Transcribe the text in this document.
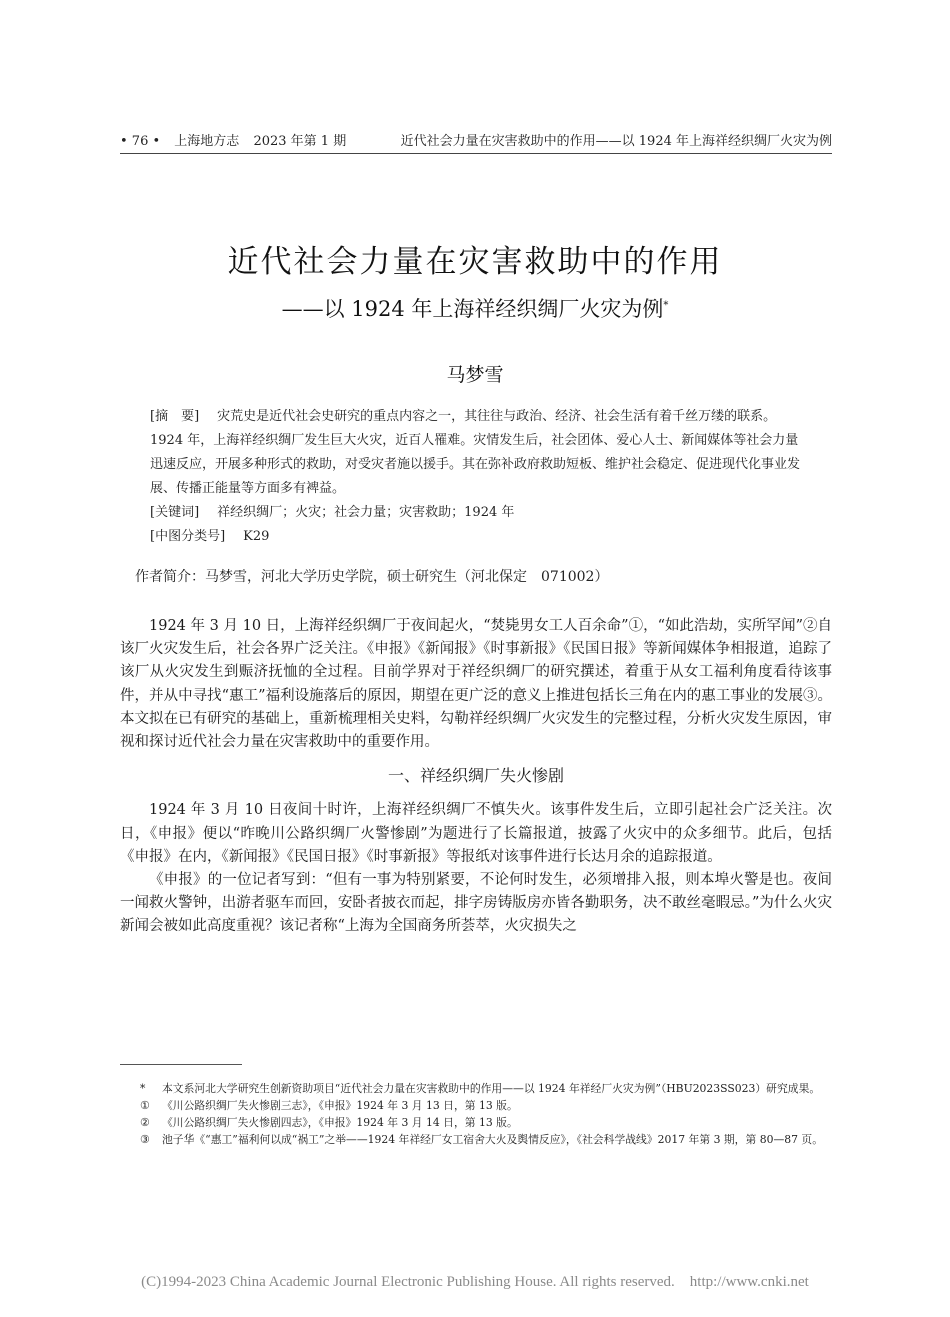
• 76 • 上海地方志 2023 年第 1 期	近代社会力量在灾害救助中的作用——以 1924 年上海祥经织绸厂火灾为例
近代社会力量在灾害救助中的作用
——以 1924 年上海祥经织绸厂火灾为例*
马梦雪

[摘　要] 灾荒史是近代社会史研究的重点内容之一，其往往与政治、经济、社会生活有着千丝万缕的联系。1924 年，上海祥经织绸厂发生巨大火灾，近百人罹难。灾情发生后，社会团体、爱心人士、新闻媒体等社会力量迅速反应，开展多种形式的救助，对受灾者施以援手。其在弥补政府救助短板、维护社会稳定、促进现代化事业发展、传播正能量等方面多有裨益。

[关键词] 祥经织绸厂；火灾；社会力量；灾害救助；1924 年

[中图分类号] K29

作者简介：马梦雪，河北大学历史学院，硕士研究生（河北保定　071002）

1924 年 3 月 10 日，上海祥经织绸厂于夜间起火，“焚毙男女工人百余命”①，“如此浩劫，实所罕闻”②自该厂火灾发生后，社会各界广泛关注。《申报》《新闻报》《时事新报》《民国日报》等新闻媒体争相报道，追踪了该厂从火灾发生到赈济抚恤的全过程。目前学界对于祥经织绸厂的研究撰述，着重于从女工福利角度看待该事件，并从中寻找“惠工”福利设施落后的原因，期望在更广泛的意义上推进包括长三角在内的惠工事业的发展③。本文拟在已有研究的基础上，重新梳理相关史料，勾勒祥经织绸厂火灾发生的完整过程，分析火灾发生原因，审视和探讨近代社会力量在灾害救助中的重要作用。

一、祥经织绸厂失火惨剧

1924 年 3 月 10 日夜间十时许，上海祥经织绸厂不慎失火。该事件发生后，立即引起社会广泛关注。次日，《申报》便以“昨晚川公路织绸厂火警惨剧”为题进行了长篇报道，披露了火灾中的众多细节。此后，包括《申报》在内，《新闻报》《民国日报》《时事新报》等报纸对该事件进行长达月余的追踪报道。

《申报》的一位记者写到：“但有一事为特别紧要，不论何时发生，必须增排入报，则本埠火警是也。夜间一闻救火警钟，出游者驱车而回，安卧者披衣而起，排字房铸版房亦皆各勤职务，决不敢丝毫暇忌。”为什么火灾新闻会被如此高度重视？该记者称“上海为全国商务所荟萃，火灾损失之

* 本文系河北大学研究生创新资助项目“近代社会力量在灾害救助中的作用——以 1924 年祥经厂火灾为例”（HBU2023SS023）研究成果。

① 《川公路织绸厂失火惨剧三志》，《申报》1924 年 3 月 13 日，第 13 版。

② 《川公路织绸厂失火惨剧四志》，《申报》1924 年 3 月 14 日，第 13 版。

③ 池子华《“惠工”福利何以成“祸工”之举——1924 年祥经厂女工宿舍大火及舆情反应》，《社会科学战线》2017 年第 3 期，第 80—87 页。

(C)1994-2023 China Academic Journal Electronic Publishing House. All rights reserved.　http://www.cnki.net
